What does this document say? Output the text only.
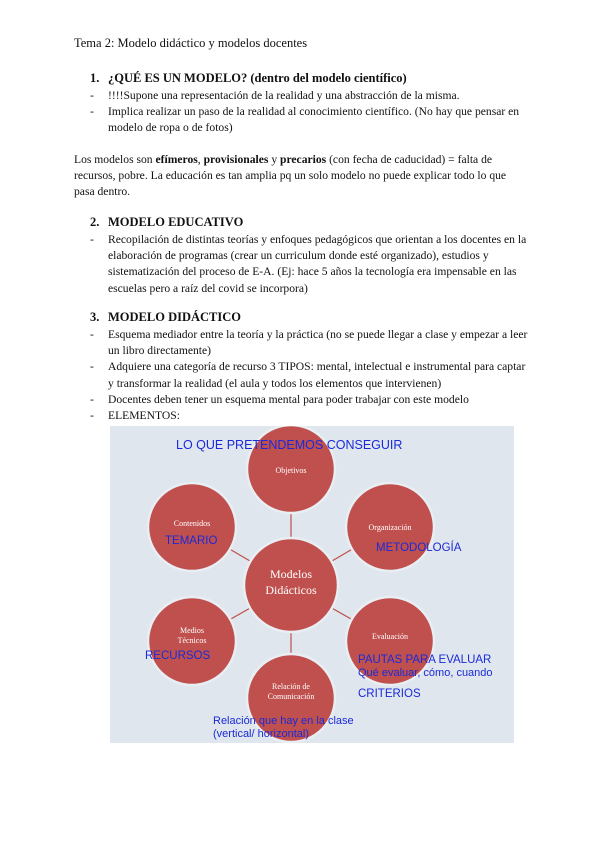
Tema 2: Modelo didáctico y modelos docentes
1. ¿QUÉ ES UN MODELO? (dentro del modelo científico)
- !!!!Supone una representación de la realidad y una abstracción de la misma.
- Implica realizar un paso de la realidad al conocimiento científico. (No hay que pensar en modelo de ropa o de fotos)

Los modelos son efímeros, provisionales y precarios (con fecha de caducidad) = falta de recursos, pobre. La educación es tan amplia pq un solo modelo no puede explicar todo lo que pasa dentro.

2. MODELO EDUCATIVO
- Recopilación de distintas teorías y enfoques pedagógicos que orientan a los docentes en la elaboración de programas (crear un curriculum donde esté organizado), estudios y sistematización del proceso de E-A. (Ej: hace 5 años la tecnología era impensable en las escuelas pero a raíz del covid se incorpora)
3. MODELO DIDÁCTICO
- Esquema mediador entre la teoría y la práctica (no se puede llegar a clase y empezar a leer un libro directamente)
- Adquiere una categoría de recurso 3 TIPOS: mental, intelectual e instrumental para captar y transformar la realidad (el aula y todos los elementos que intervienen)
- Docentes deben tener un esquema mental para poder trabajar con este modelo
- ELEMENTOS:
Objetivos
Organización
Evaluación
Relación de
Comunicación
Medios
Técnicos
Contenidos
Modelos
Didácticos
LO QUE PRETENDEMOS CONSEGUIR
TEMARIO
METODOLOGÍA
RECURSOS	PAUTAS PARA EVALUAR
Qué evaluar, cómo, cuando
CRITERIOS
Relación que hay en la clase
(vertical/ horizontal)
